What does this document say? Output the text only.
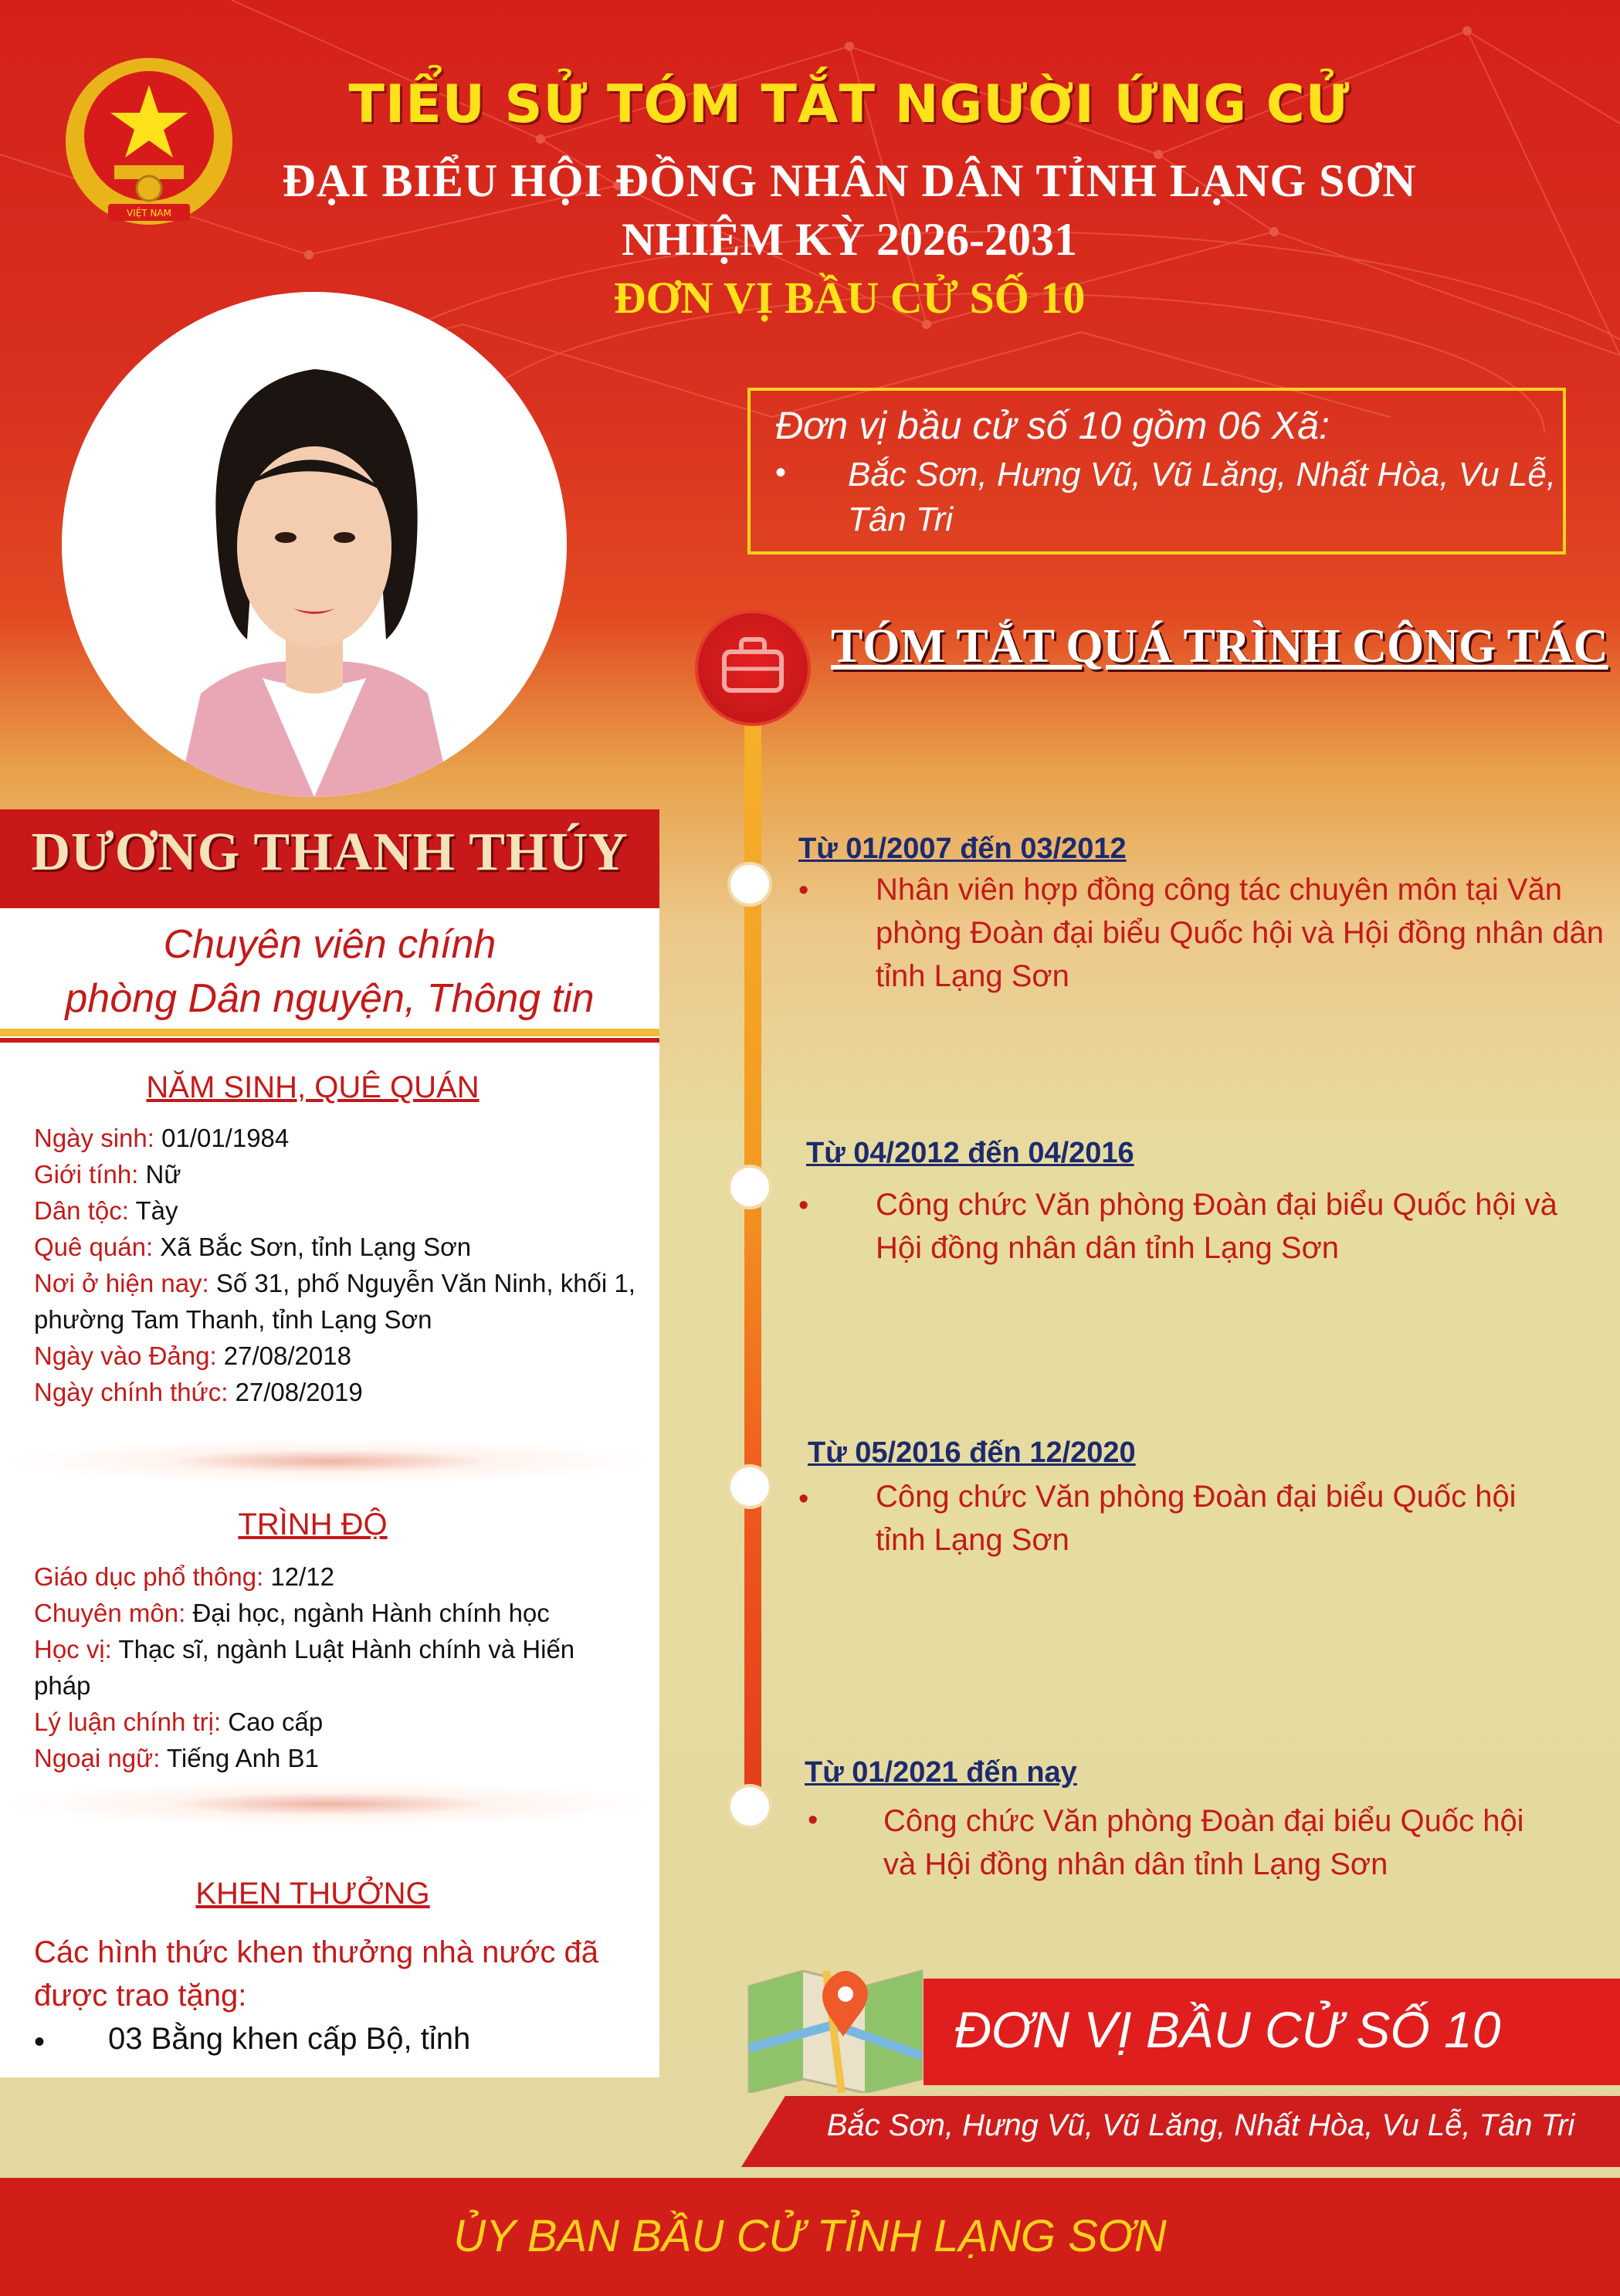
VIỆT NAM
TIỂU SỬ TÓM TẮT NGƯỜI ỨNG CỬ
ĐẠI BIỂU HỘI ĐỒNG NHÂN DÂN TỈNH LẠNG SƠN
NHIỆM KỲ 2026-2031
ĐƠN VỊ BẦU CỬ SỐ 10
Đơn vị bầu cử số 10 gồm 06 Xã:
• Bắc Sơn, Hưng Vũ, Vũ Lăng, Nhất Hòa, Vu Lễ, Tân Tri
DƯƠNG THANH THÚY
Chuyên viên chính
phòng Dân nguyện, Thông tin
NĂM SINH, QUÊ QUÁN
Ngày sinh: 01/01/1984
Giới tính: Nữ
Dân tộc: Tày
Quê quán: Xã Bắc Sơn, tỉnh Lạng Sơn
Nơi ở hiện nay: Số 31, phố Nguyễn Văn Ninh, khối 1, phường Tam Thanh, tỉnh Lạng Sơn
Ngày vào Đảng: 27/08/2018
Ngày chính thức: 27/08/2019
TRÌNH ĐỘ
Giáo dục phổ thông: 12/12
Chuyên môn: Đại học, ngành Hành chính học
Học vị: Thạc sĩ, ngành Luật Hành chính và Hiến pháp
Lý luận chính trị: Cao cấp
Ngoại ngữ: Tiếng Anh B1
KHEN THƯỞNG
Các hình thức khen thưởng nhà nước đã được trao tặng:
• 03 Bằng khen cấp Bộ, tỉnh
TÓM TẮT QUÁ TRÌNH CÔNG TÁC
Từ 01/2007 đến 03/2012
• Nhân viên hợp đồng công tác chuyên môn tại Văn phòng Đoàn đại biểu Quốc hội và Hội đồng nhân dân tỉnh Lạng Sơn
Từ 04/2012 đến 04/2016
• Công chức Văn phòng Đoàn đại biểu Quốc hội và Hội đồng nhân dân tỉnh Lạng Sơn
Từ 05/2016 đến 12/2020
• Công chức Văn phòng Đoàn đại biểu Quốc hội tỉnh Lạng Sơn
Từ 01/2021 đến nay
• Công chức Văn phòng Đoàn đại biểu Quốc hội và Hội đồng nhân dân tỉnh Lạng Sơn
ĐƠN VỊ BẦU CỬ SỐ 10
Bắc Sơn, Hưng Vũ, Vũ Lăng, Nhất Hòa, Vu Lễ, Tân Tri
ỦY BAN BẦU CỬ TỈNH LẠNG SƠN
